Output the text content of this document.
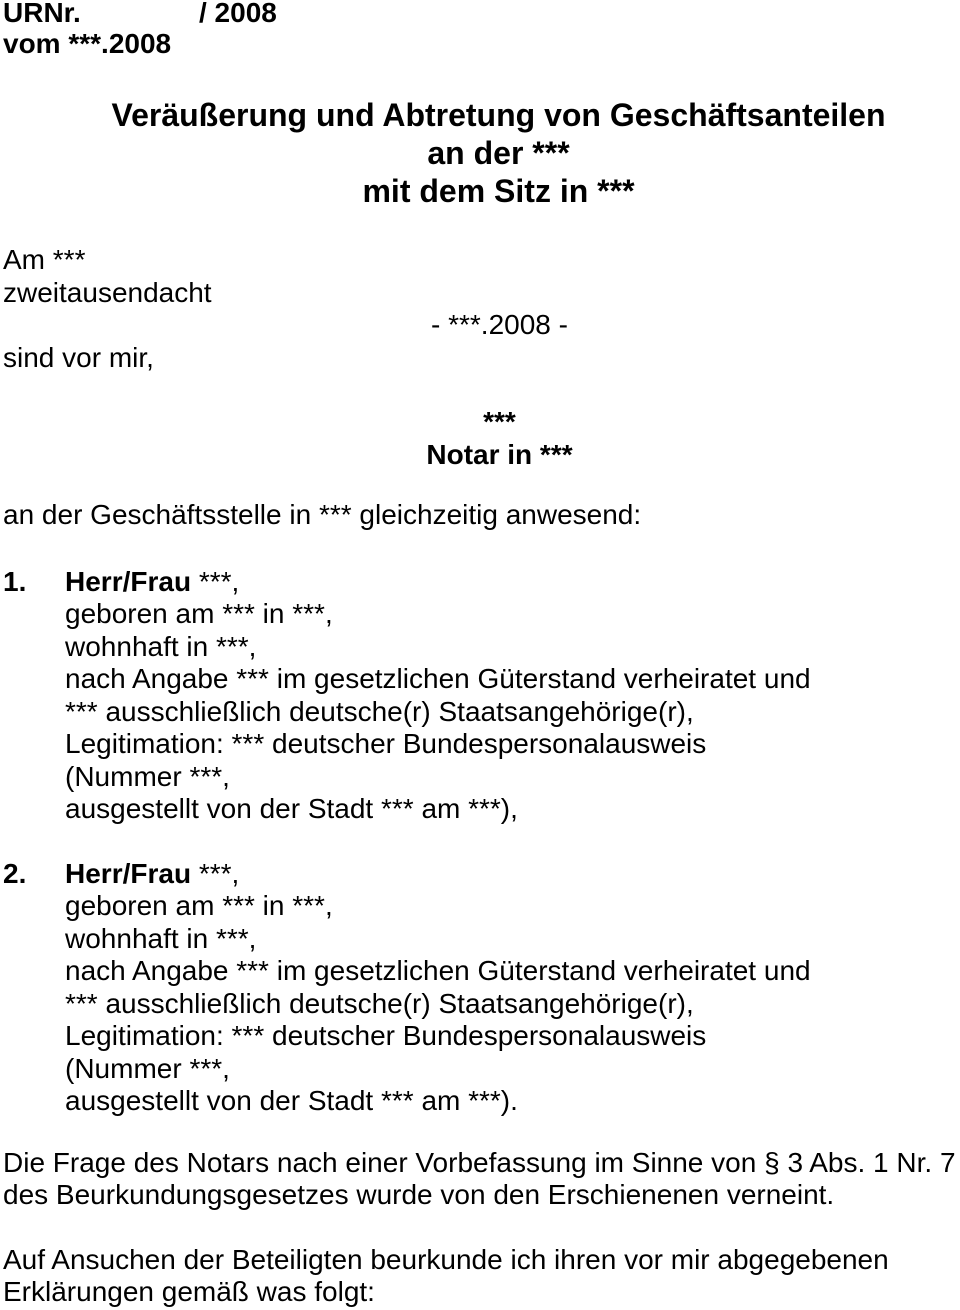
URNr.	/ 2008
vom ***.2008
Veräußerung und Abtretung von Geschäftsanteilen
an der ***
mit dem Sitz in ***
Am ***
zweitausendacht
- ***.2008 -
sind vor mir,
***
Notar in ***

an der Geschäftsstelle in *** gleichzeitig anwesend:

1.	Herr/Frau ***,
geboren am *** in ***,
wohnhaft in ***,
nach Angabe *** im gesetzlichen Güterstand verheiratet und
*** ausschließlich deutsche(r) Staatsangehörige(r),
Legitimation: *** deutscher Bundespersonalausweis
(Nummer ***,
ausgestellt von der Stadt *** am ***),
2.	Herr/Frau ***,
geboren am *** in ***,
wohnhaft in ***,
nach Angabe *** im gesetzlichen Güterstand verheiratet und
*** ausschließlich deutsche(r) Staatsangehörige(r),
Legitimation: *** deutscher Bundespersonalausweis
(Nummer ***,
ausgestellt von der Stadt *** am ***).
Die Frage des Notars nach einer Vorbefassung im Sinne von § 3 Abs. 1 Nr. 7
des Beurkundungsgesetzes wurde von den Erschienenen verneint.
Auf Ansuchen der Beteiligten beurkunde ich ihren vor mir abgegebenen
Erklärungen gemäß was folgt:
